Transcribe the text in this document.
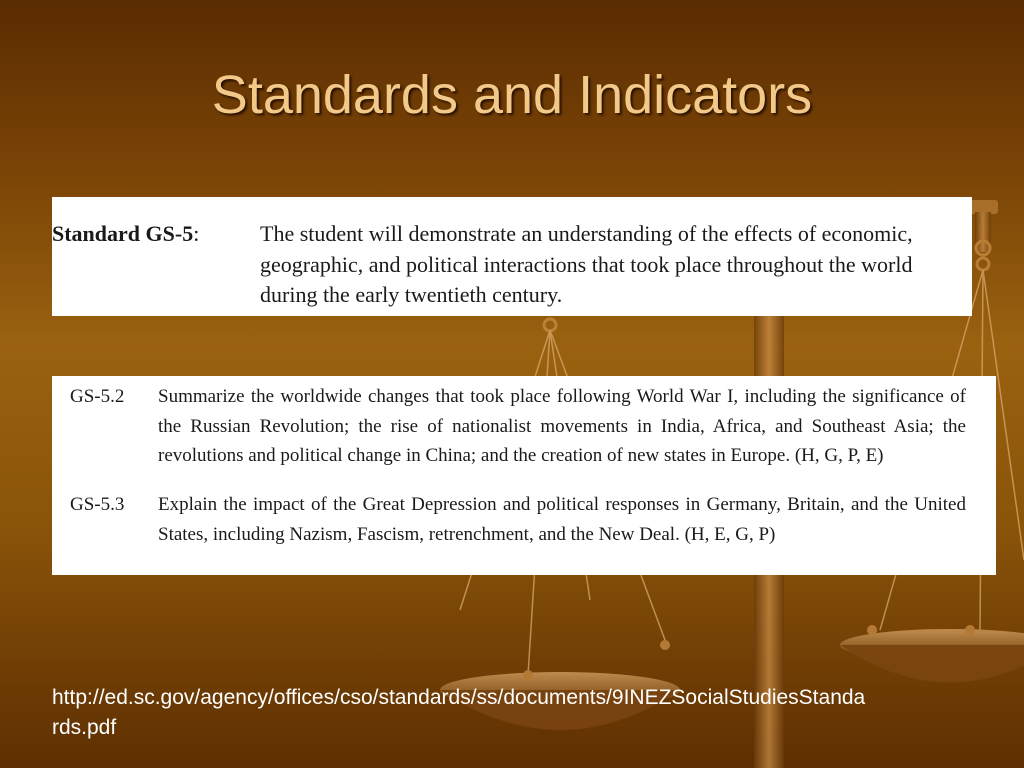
Standards and Indicators
Standard GS-5:	The student will demonstrate an understanding of the effects of economic, geographic, and political interactions that took place throughout the world during the early twentieth century.
GS-5.2 Summarize the worldwide changes that took place following World War I, including the significance of the Russian Revolution; the rise of nationalist movements in India, Africa, and Southeast Asia; the revolutions and political change in China; and the creation of new states in Europe. (H, G, P, E)
GS-5.3 Explain the impact of the Great Depression and political responses in Germany, Britain, and the United States, including Nazism, Fascism, retrenchment, and the New Deal. (H, E, G, P)
http://ed.sc.gov/agency/offices/cso/standards/ss/documents/9INEZSocialStudiesStandards.pdf
